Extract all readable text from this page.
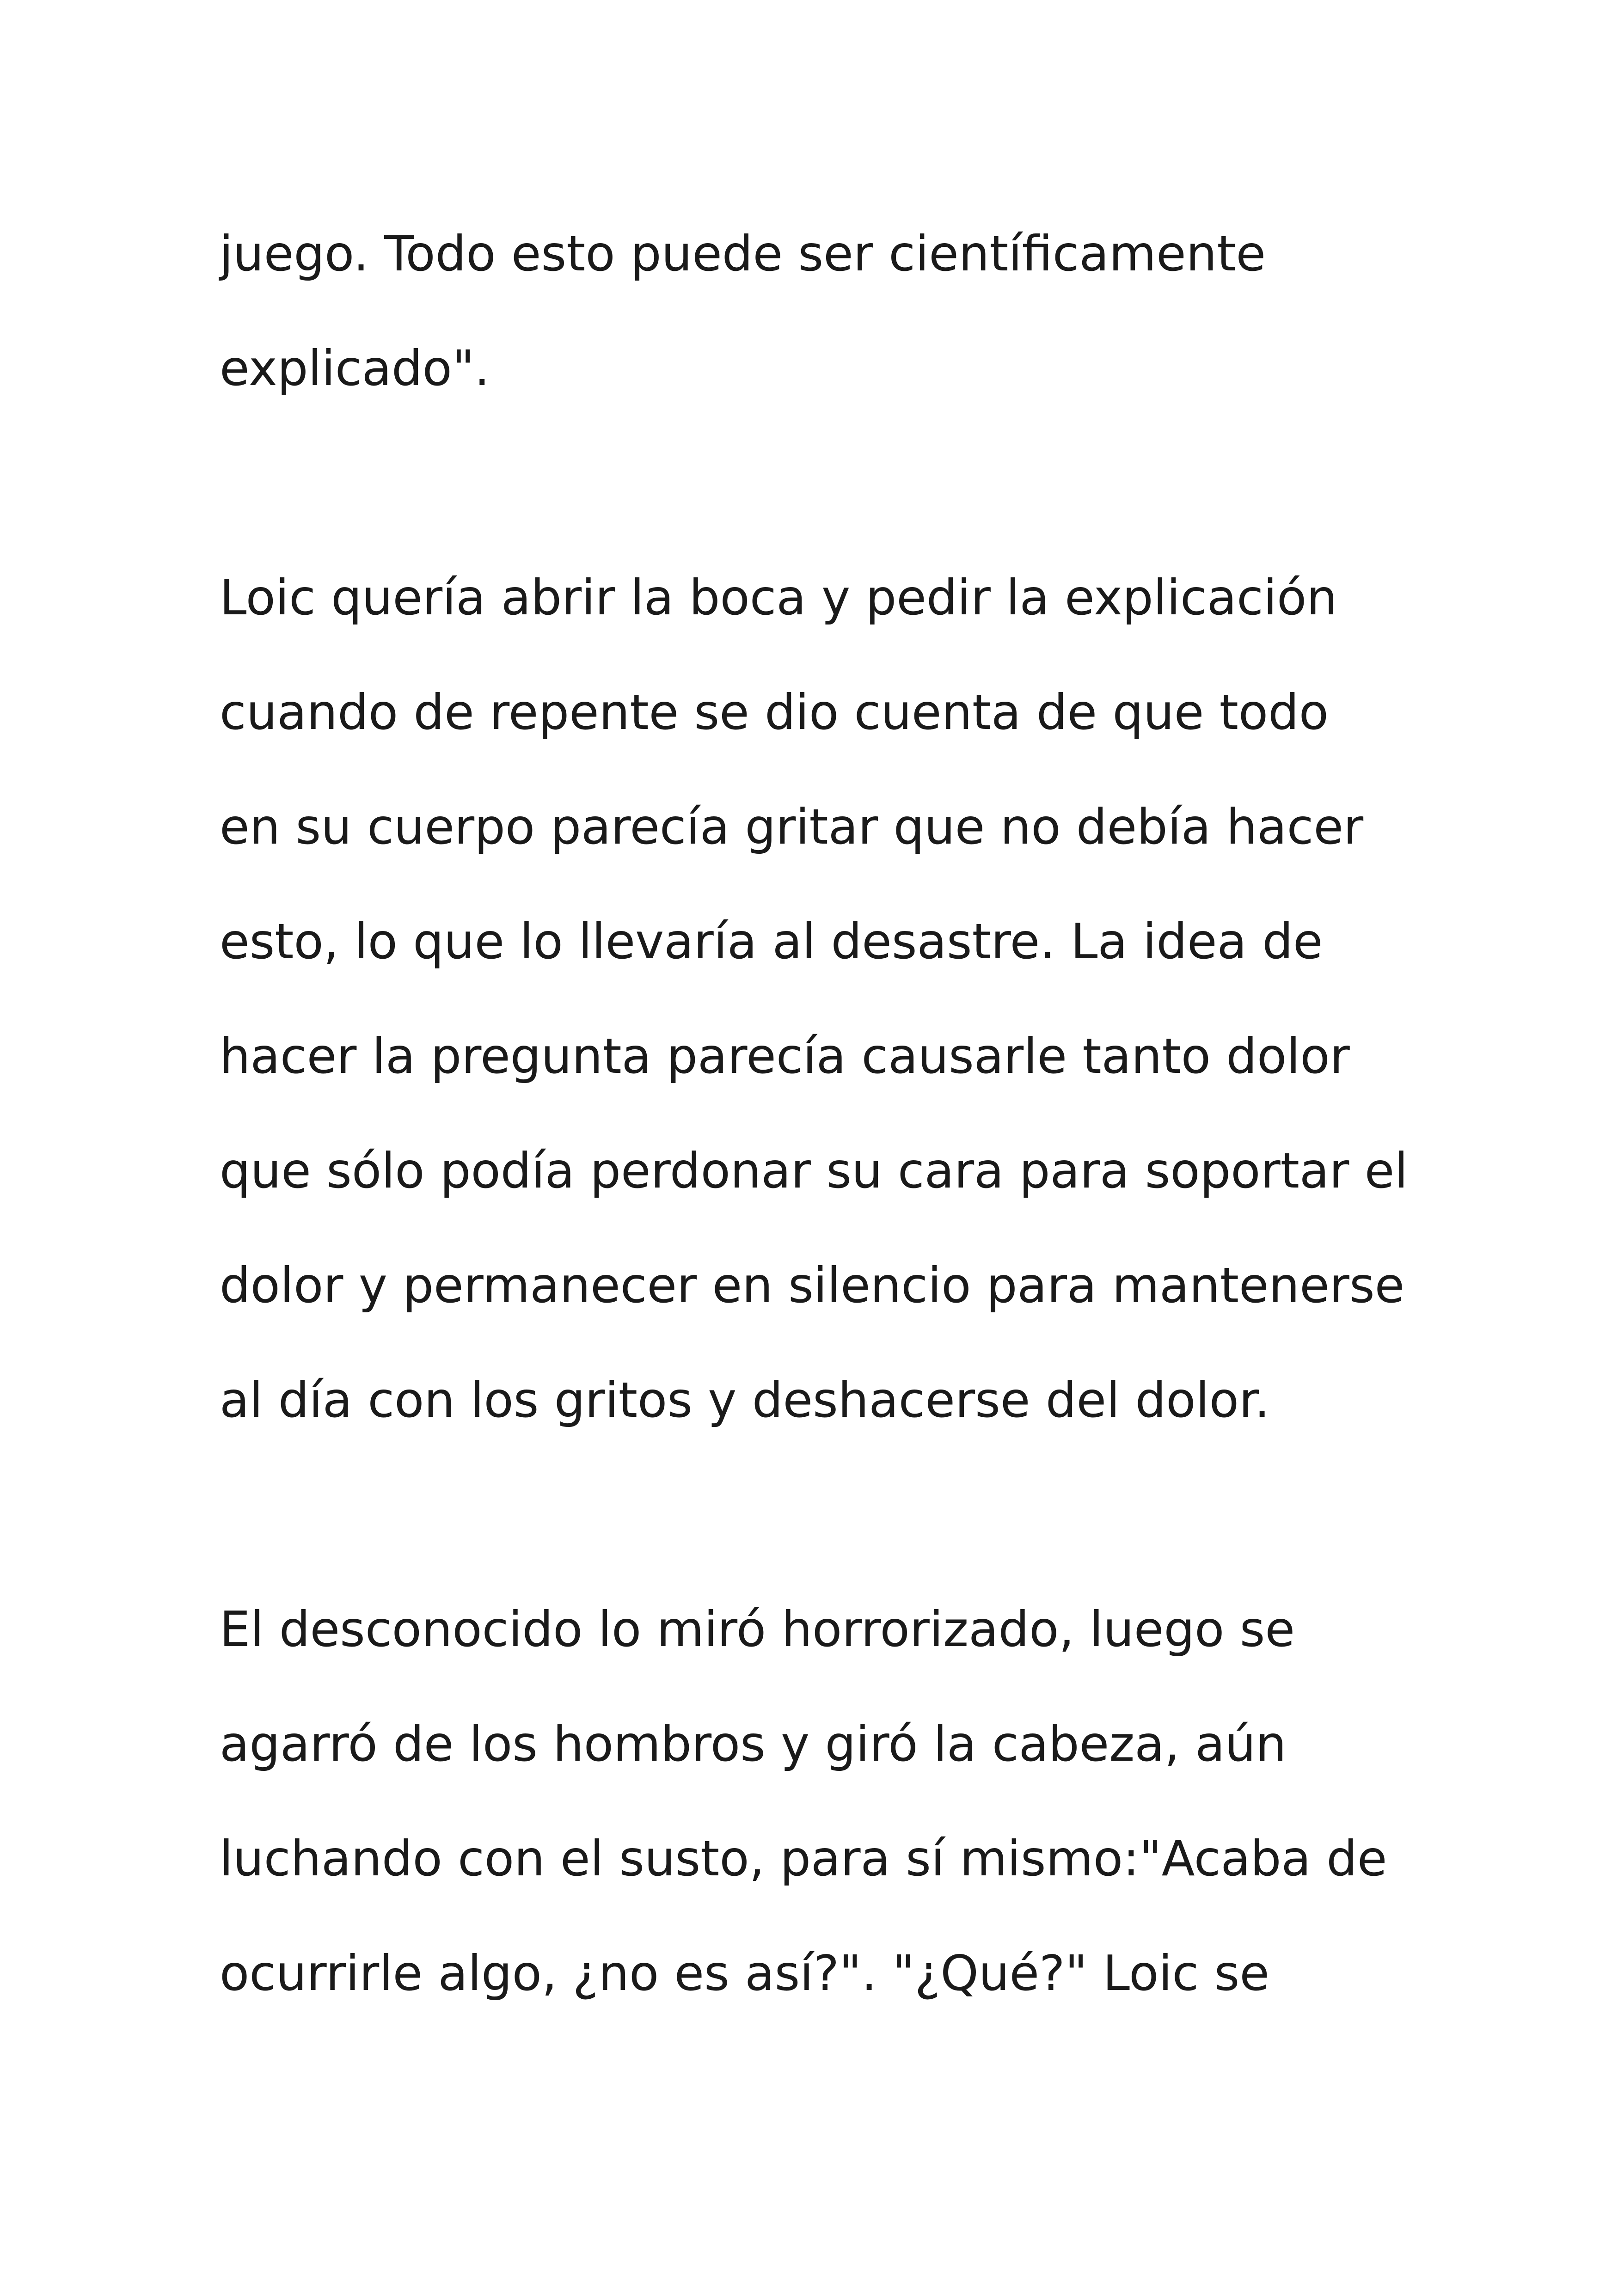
juego. Todo esto puede ser científicamente
explicado".
Loic quería abrir la boca y pedir la explicación
cuando de repente se dio cuenta de que todo
en su cuerpo parecía gritar que no debía hacer
esto, lo que lo llevaría al desastre. La idea de
hacer la pregunta parecía causarle tanto dolor
que sólo podía perdonar su cara para soportar el
dolor y permanecer en silencio para mantenerse
al día con los gritos y deshacerse del dolor.
El desconocido lo miró horrorizado, luego se
agarró de los hombros y giró la cabeza, aún
luchando con el susto, para sí mismo:"Acaba de
ocurrirle algo, ¿no es así?". "¿Qué?" Loic se
